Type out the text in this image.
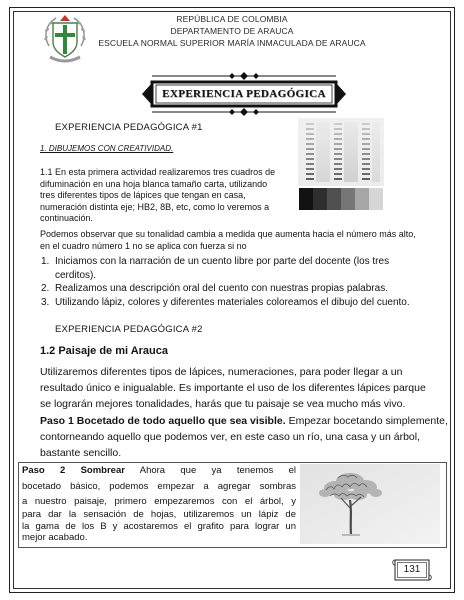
REPÚBLICA DE COLOMBIA
DEPARTAMENTO DE ARAUCA
ESCUELA NORMAL SUPERIOR MARÍA INMACULADA DE ARAUCA
EXPERIENCIA PEDAGÓGICA
EXPERIENCIA PEDAGÓGICA #1
1. DIBUJEMOS CON CREATIVIDAD.
1.1 En esta primera actividad realizaremos tres cuadros de
difuminación en una hoja blanca tamaño carta, utilizando
tres diferentes tipos de lápices que tengan en casa,
numeración distinta eje; HB2, 8B, etc, como lo veremos a
continuación.
Podemos observar que su tonalidad cambia a medida que aumenta hacia el número más alto,
en el cuadro número 1 no se aplica con fuerza si no
1. Iniciamos con la narración de un cuento libre por parte del docente (los tres
cerditos).
2. Realizamos una descripción oral del cuento con nuestras propias palabras.
3. Utilizando lápiz, colores y diferentes materiales coloreamos el dibujo del cuento.
EXPERIENCIA PEDAGÓGICA #2
1.2 Paisaje de mi Arauca
Utilizaremos diferentes tipos de lápices, numeraciones, para poder llegar a un
resultado único e inigualable. Es importante el uso de los diferentes lápices parque
se lograrán mejores tonalidades, harás que tu paisaje se vea mucho más vivo.
Paso 1 Bocetado de todo aquello que sea visible. Empezar bocetando simplemente,
contorneando aquello que podemos ver, en este caso un río, una casa y un árbol,
bastante sencillo.
Paso 2 Sombrear Ahora que ya tenemos el
bocetado básico, podemos empezar a agregar sombras
a nuestro paisaje, primero empezaremos con el árbol, y
para dar la sensación de hojas, utilizaremos un lápiz de
la gama de los B y acostaremos el grafito para lograr un
mejor acabado.
131
